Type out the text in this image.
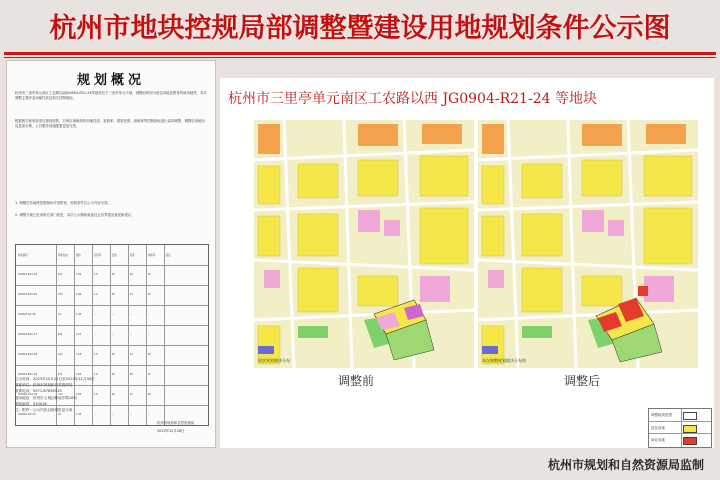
杭州市地块控规局部调整暨建设用地规划条件公示图
规划概况
杭州市三里亭单元南区工农路以西JG0904-R21-24等地块位于三里亭单元中部，调整前规划为居住用地及教育科研用地等，本次调整主要涉及用地性质及相关控制指标。
根据相关规划及项目建设需要，对该区域地块的用地性质、容积率、建筑密度、绿地率等控制指标进行局部调整，调整后用地布局更加合理，公共服务设施配置更加完善。
1. 调整后各地块控制指标详见附表，规划条件以公示内容为准。
2. 调整方案已征求相关部门意见，本次公示期间欢迎社会各界提出意见和建议。
地块编号	用地性质	面积	容积率	密度	高度	绿地率	备注
JG0904-R21-24	R21	1.52	2.5	25	60	35
JG0904-A33-25	A33	0.86	1.2	30	24	35
JG0904-G1-26	G1	0.43	—	—	—	—
JG0904-S42-27	S42	0.21	—	—	—	—
JG0904-R22-28	R22	0.18	1.5	35	24	30
JG0904-B11-29	B11	0.64	3.0	40	80	25
JG0904-U12-30	U12	0.05	1.0	40	15	20
JG0904-G2-31	G2	0.32	—	—	—	—
杭州市规划和自然资源局
2023年12月28日
公示时间：2023年10月24日至2023年11月30日
联系单位：杭州市规划和自然资源局
联系电话：0571-87658523
通讯地址：杭州市上城区解放东路18号
邮政编码：310016
注：附件一公示内容以规划批复为准
杭州市三里亭单元南区工农路以西 JG0904-R21-24 等地块
现状规划地块分布	本次调整规划地块分布图
调整前	调整后
调整地块范围
居住用地
商业用地
杭州市规划和自然资源局监制
